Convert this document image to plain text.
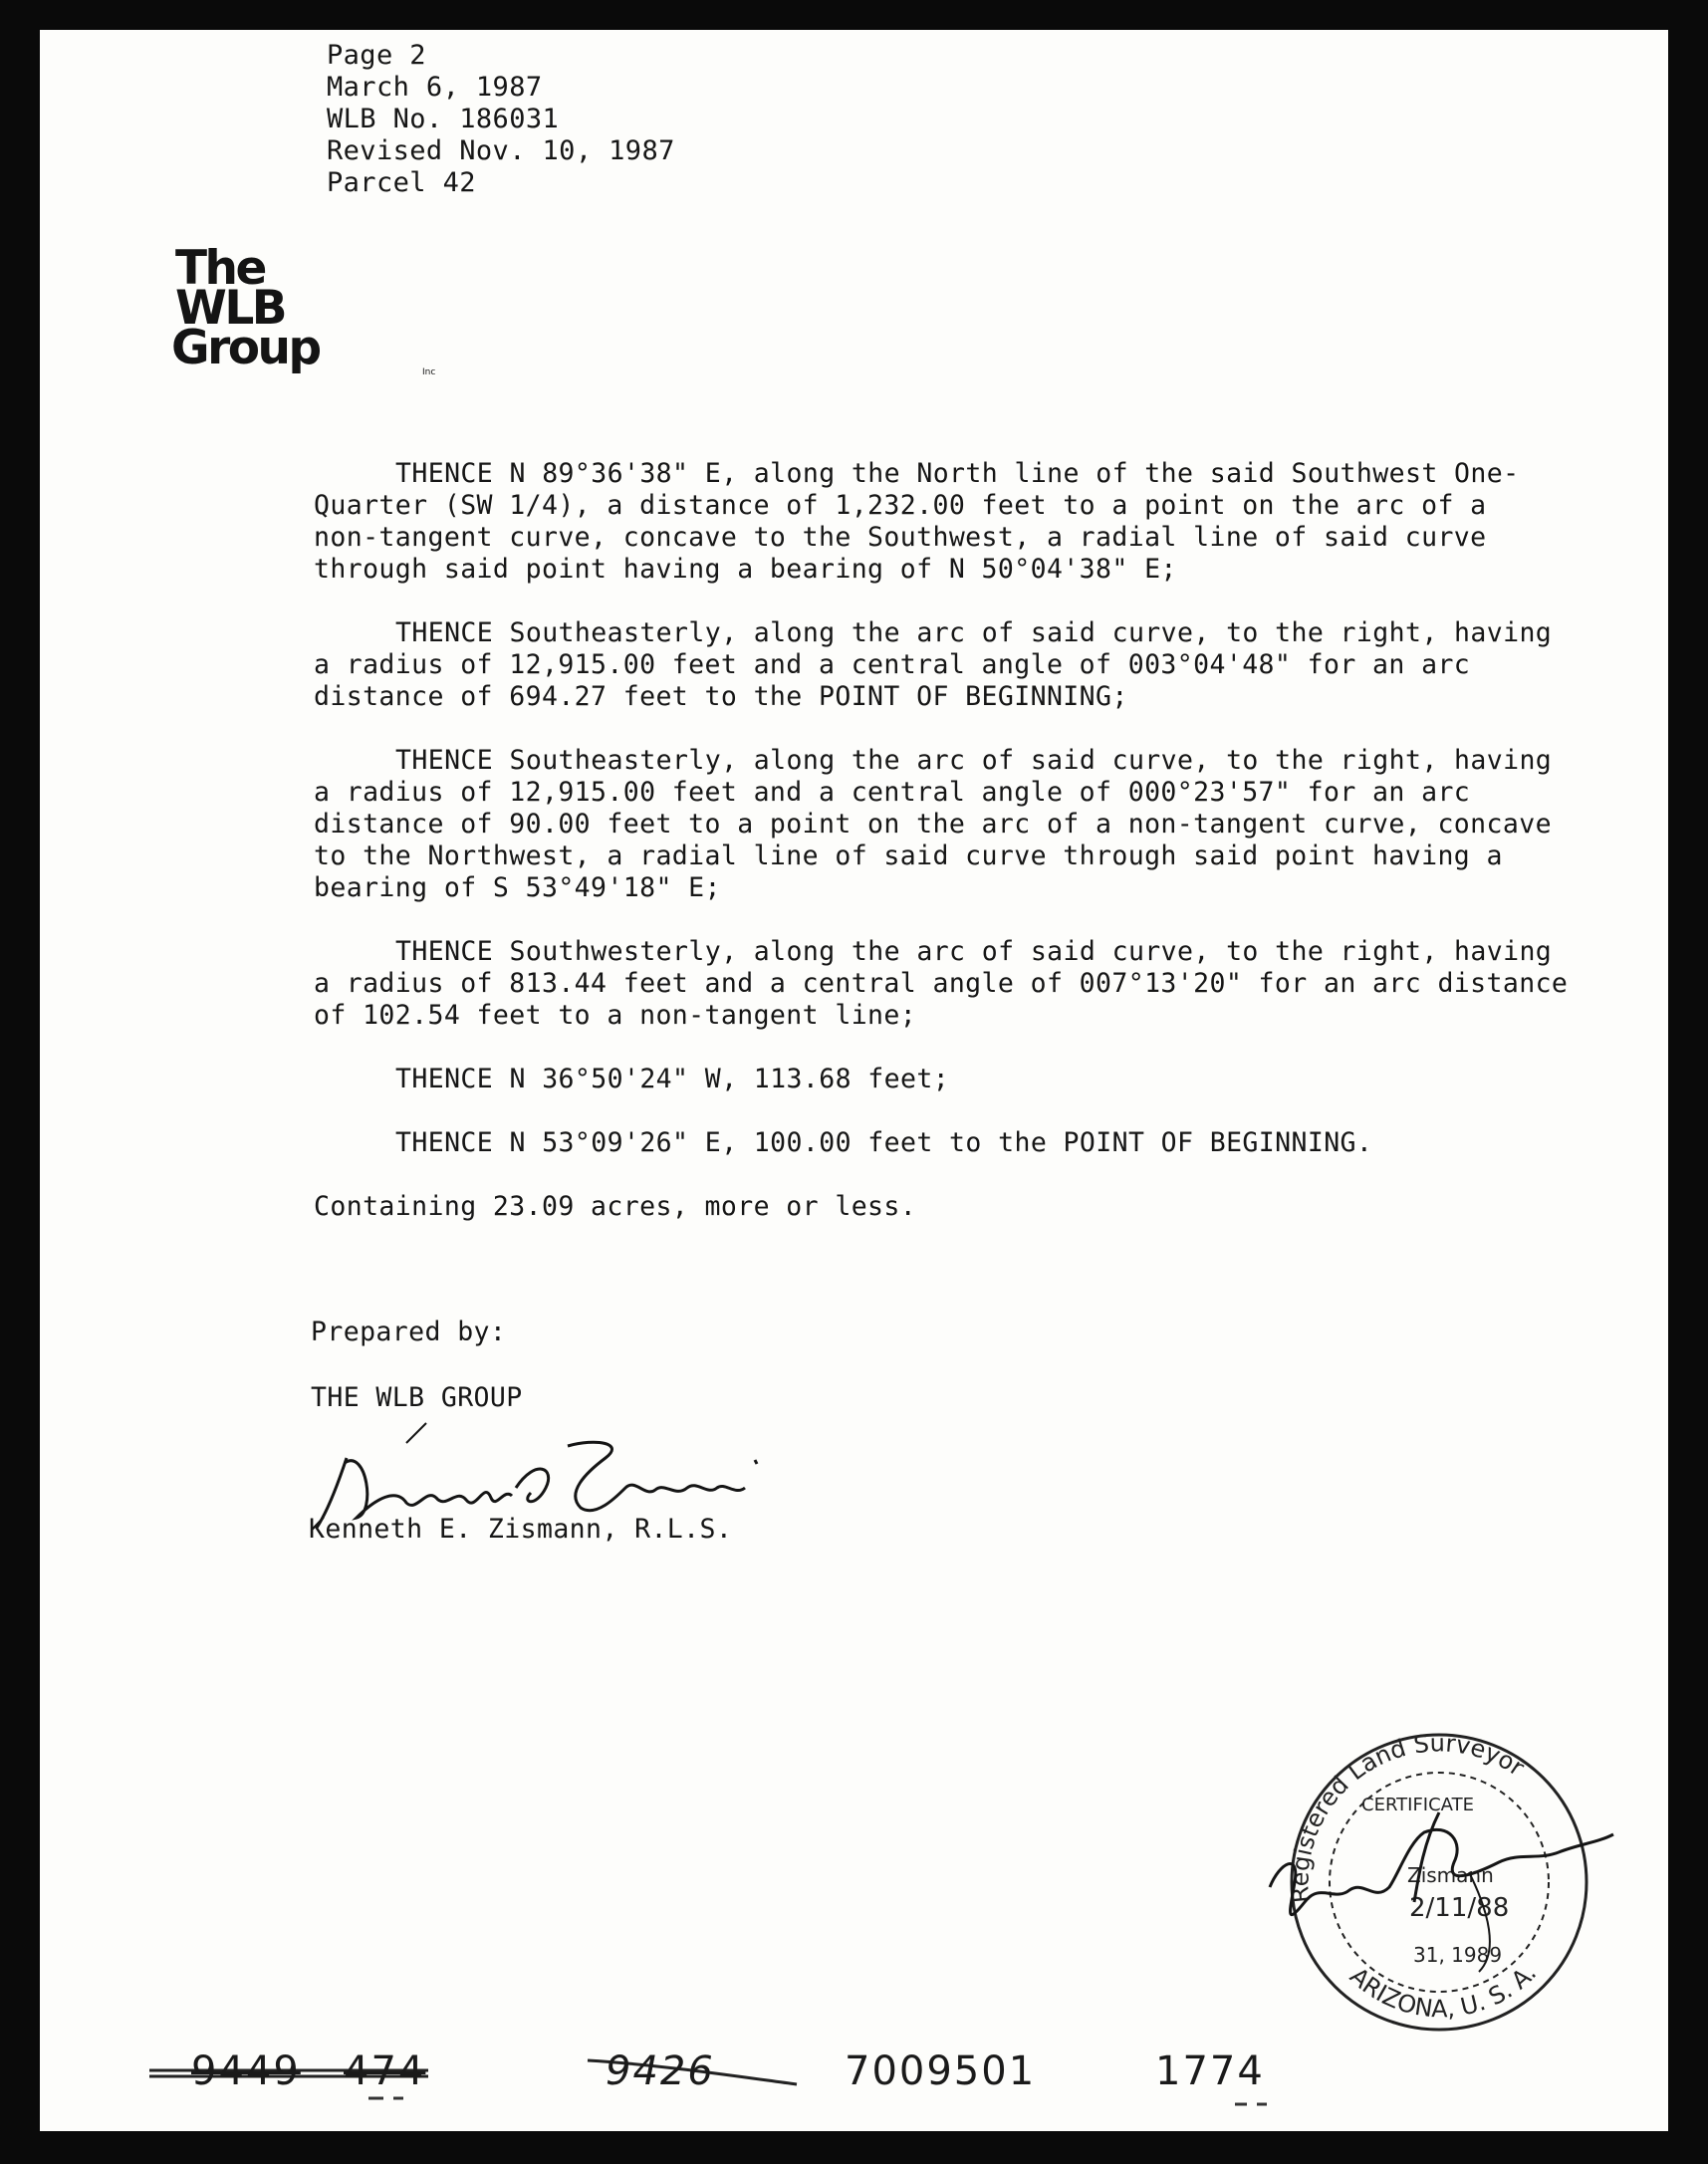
Page 2
March 6, 1987
WLB No. 186031
Revised Nov. 10, 1987
Parcel 42
The
WLB
Group	Inc
THENCE N 89°36'38" E, along the North line of the said Southwest One-
Quarter (SW 1/4), a distance of 1,232.00 feet to a point on the arc of a
non-tangent curve, concave to the Southwest, a radial line of said curve
through said point having a bearing of N 50°04'38" E;
THENCE Southeasterly, along the arc of said curve, to the right, having
a radius of 12,915.00 feet and a central angle of 003°04'48" for an arc
distance of 694.27 feet to the POINT OF BEGINNING;
THENCE Southeasterly, along the arc of said curve, to the right, having
a radius of 12,915.00 feet and a central angle of 000°23'57" for an arc
distance of 90.00 feet to a point on the arc of a non-tangent curve, concave
to the Northwest, a radial line of said curve through said point having a
bearing of S 53°49'18" E;
THENCE Southwesterly, along the arc of said curve, to the right, having
a radius of 813.44 feet and a central angle of 007°13'20" for an arc distance
of 102.54 feet to a non-tangent line;
THENCE N 36°50'24" W, 113.68 feet;
THENCE N 53°09'26" E, 100.00 feet to the POINT OF BEGINNING.
Containing 23.09 acres, more or less.
Prepared by:
THE WLB GROUP
Kenneth E. Zismann, R.L.S.
Registered Land Surveyor
ARIZONA, U. S. A.
CERTIFICATE
Zismann
2/11/88
31, 1989
9449 474	9426	7009501	1774
